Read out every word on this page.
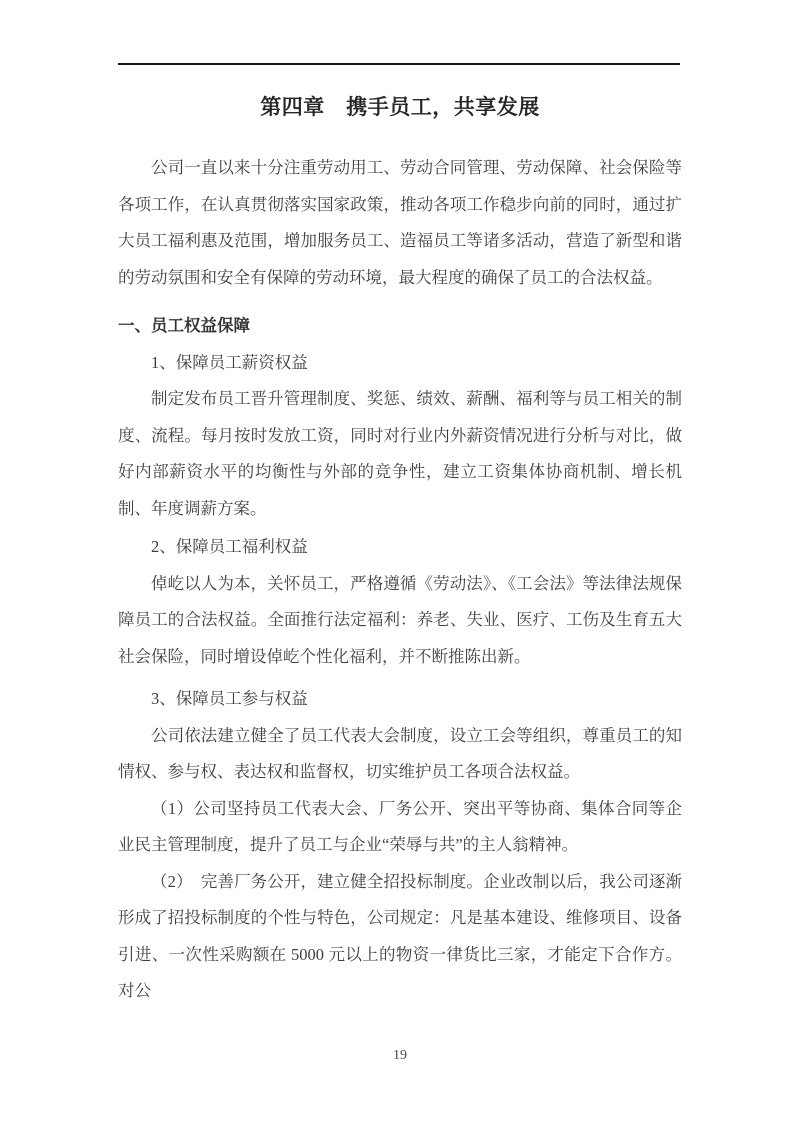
第四章　携手员工，共享发展

公司一直以来十分注重劳动用工、劳动合同管理、劳动保障、社会保险等各项工作，在认真贯彻落实国家政策，推动各项工作稳步向前的同时，通过扩大员工福利惠及范围，增加服务员工、造福员工等诸多活动，营造了新型和谐的劳动氛围和安全有保障的劳动环境，最大程度的确保了员工的合法权益。

一、员工权益保障

1、保障员工薪资权益

制定发布员工晋升管理制度、奖惩、绩效、薪酬、福利等与员工相关的制度、流程。每月按时发放工资，同时对行业内外薪资情况进行分析与对比，做好内部薪资水平的均衡性与外部的竞争性，建立工资集体协商机制、增长机制、年度调薪方案。

2、保障员工福利权益

倬屹以人为本，关怀员工，严格遵循《劳动法》、《工会法》等法律法规保障员工的合法权益。全面推行法定福利：养老、失业、医疗、工伤及生育五大社会保险，同时增设倬屹个性化福利，并不断推陈出新。

3、保障员工参与权益

公司依法建立健全了员工代表大会制度，设立工会等组织，尊重员工的知情权、参与权、表达权和监督权，切实维护员工各项合法权益。

（1）公司坚持员工代表大会、厂务公开、突出平等协商、集体合同等企业民主管理制度，提升了员工与企业“荣辱与共”的主人翁精神。

（2）　完善厂务公开，建立健全招投标制度。企业改制以后，我公司逐渐形成了招投标制度的个性与特色，公司规定：凡是基本建设、维修项目、设备引进、一次性采购额在 5000 元以上的物资一律货比三家，才能定下合作方。对公

19
